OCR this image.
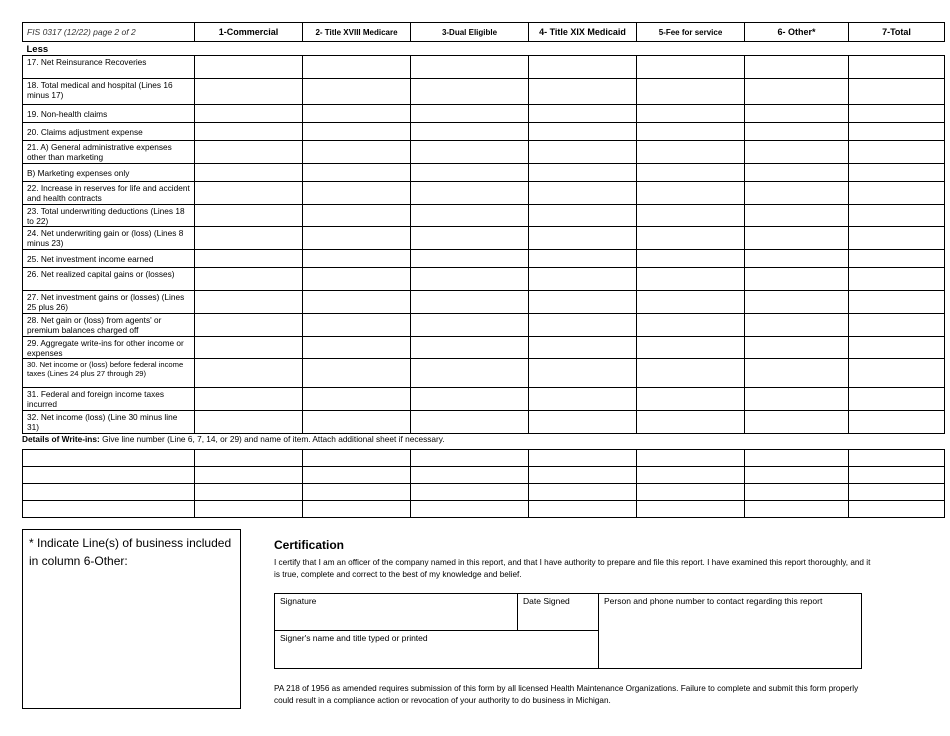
FIS 0317 (12/22) page 2 of 2	1-Commercial	2- Title XVIII Medicare	3-Dual Eligible	4- Title XIX Medicaid	5-Fee for service	6- Other*	7-Total
Less							
17. Net Reinsurance Recoveries							
18. Total medical and hospital (Lines 16 minus 17)							
19. Non-health claims							
20. Claims adjustment expense							
21. A) General administrative expenses other than marketing							
B) Marketing expenses only							
22. Increase in reserves for life and accident and health contracts							
23. Total underwriting deductions (Lines 18 to 22)							
24. Net underwriting gain or (loss) (Lines 8 minus 23)							
25. Net investment income earned							
26. Net realized capital gains or (losses)							
27. Net investment gains or (losses) (Lines 25 plus 26)							
28. Net gain or (loss) from agents' or premium balances charged off							
29. Aggregate write-ins for other income or expenses							
30. Net income or (loss) before federal income taxes (Lines 24 plus 27 through 29)							
31. Federal and foreign income taxes incurred							
32. Net income (loss) (Line 30 minus line 31)							
Details of Write-ins: Give line number (Line 6, 7, 14, or 29) and name of item. Attach additional sheet if necessary.

* Indicate Line(s) of business included in column 6-Other:
Certification
I certify that I am an officer of the company named in this report, and that I have authority to prepare and file this report. I have examined this report thoroughly, and it is true, complete and correct to the best of my knowledge and belief.
Signature	Date Signed
Signer's name and title typed or printed
Person and phone number to contact regarding this report
PA 218 of 1956 as amended requires submission of this form by all licensed Health Maintenance Organizations. Failure to complete and submit this form properly could result in a compliance action or revocation of your authority to do business in Michigan.
